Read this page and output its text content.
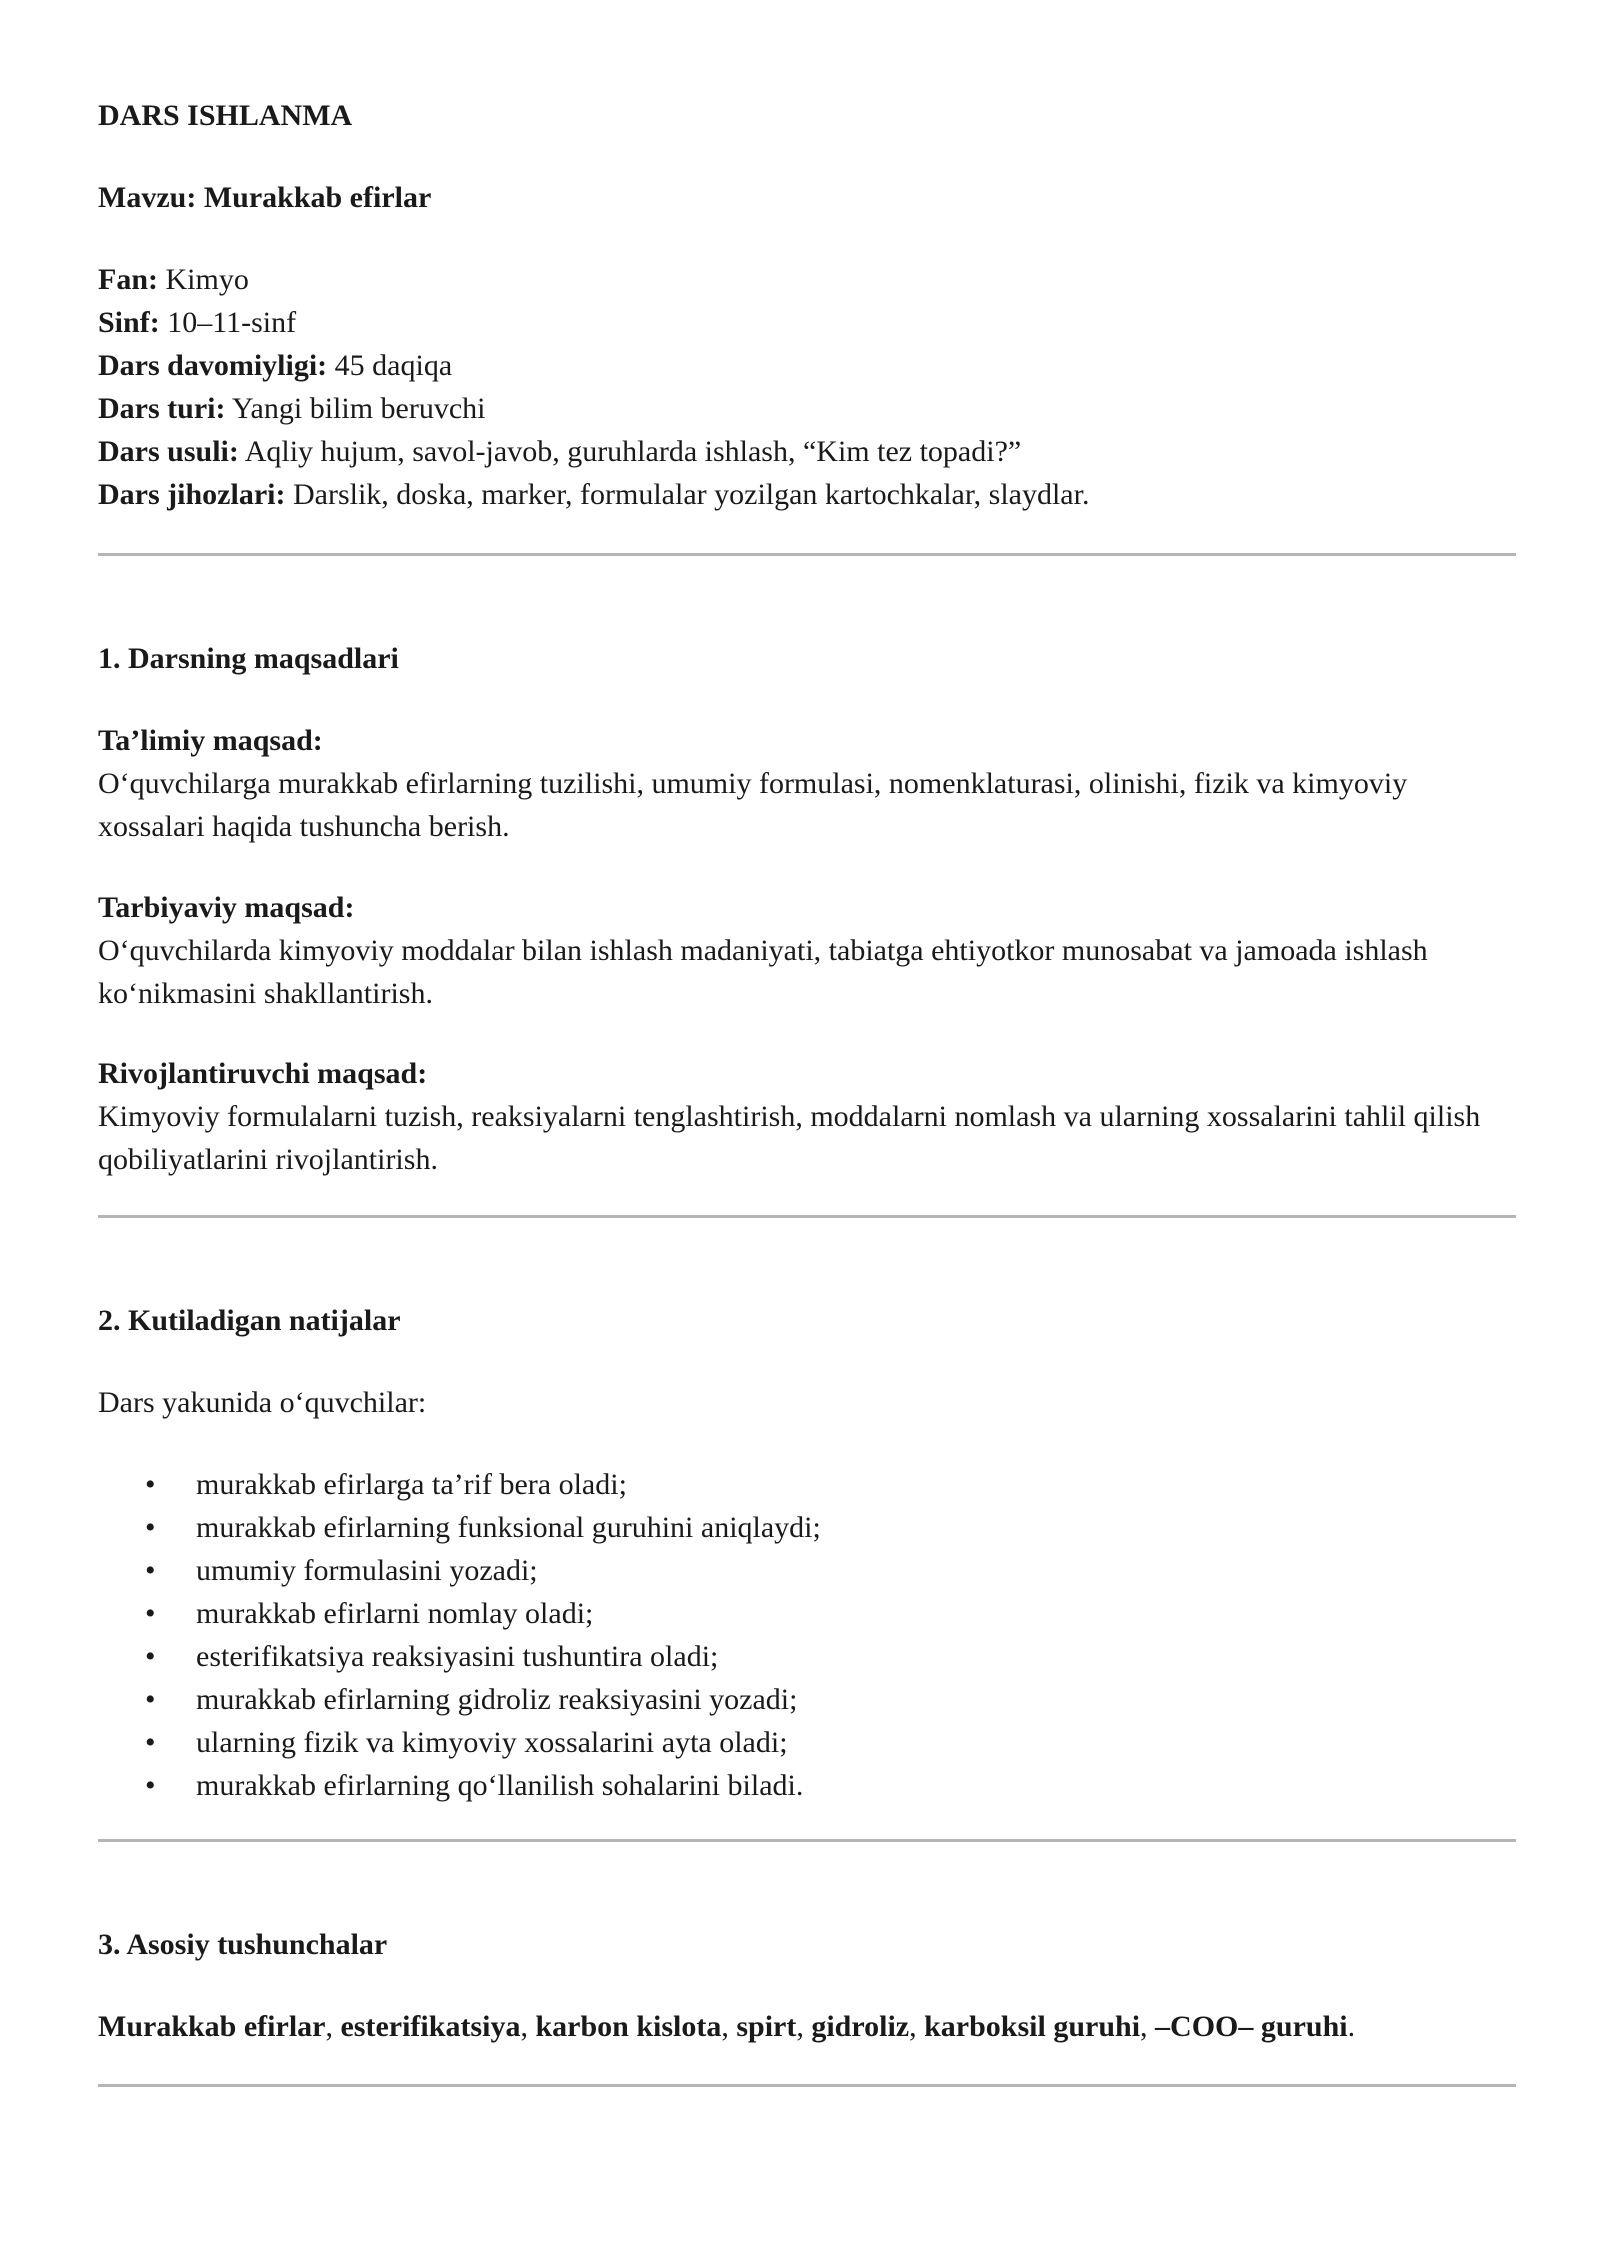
DARS ISHLANMA

Mavzu: Murakkab efirlar

Fan: Kimyo
Sinf: 10–11-sinf
Dars davomiyligi: 45 daqiqa
Dars turi: Yangi bilim beruvchi
Dars usuli: Aqliy hujum, savol-javob, guruhlarda ishlash, “Kim tez topadi?”
Dars jihozlari: Darslik, doska, marker, formulalar yozilgan kartochkalar, slaydlar.

1. Darsning maqsadlari

Ta’limiy maqsad:
O‘quvchilarga murakkab efirlarning tuzilishi, umumiy formulasi, nomenklaturasi, olinishi, fizik va kimyoviy xossalari haqida tushuncha berish.
Tarbiyaviy maqsad:
O‘quvchilarda kimyoviy moddalar bilan ishlash madaniyati, tabiatga ehtiyotkor munosabat va jamoada ishlash ko‘nikmasini shakllantirish.
Rivojlantiruvchi maqsad:
Kimyoviy formulalarni tuzish, reaksiyalarni tenglashtirish, moddalarni nomlash va ularning xossalarini tahlil qilish qobiliyatlarini rivojlantirish.

2. Kutiladigan natijalar

Dars yakunida o‘quvchilar:

• murakkab efirlarga ta’rif bera oladi;
• murakkab efirlarning funksional guruhini aniqlaydi;
• umumiy formulasini yozadi;
• murakkab efirlarni nomlay oladi;
• esterifikatsiya reaksiyasini tushuntira oladi;
• murakkab efirlarning gidroliz reaksiyasini yozadi;
• ularning fizik va kimyoviy xossalarini ayta oladi;
• murakkab efirlarning qo‘llanilish sohalarini biladi.

3. Asosiy tushunchalar

Murakkab efirlar, esterifikatsiya, karbon kislota, spirt, gidroliz, karboksil guruhi, –COO– guruhi.
